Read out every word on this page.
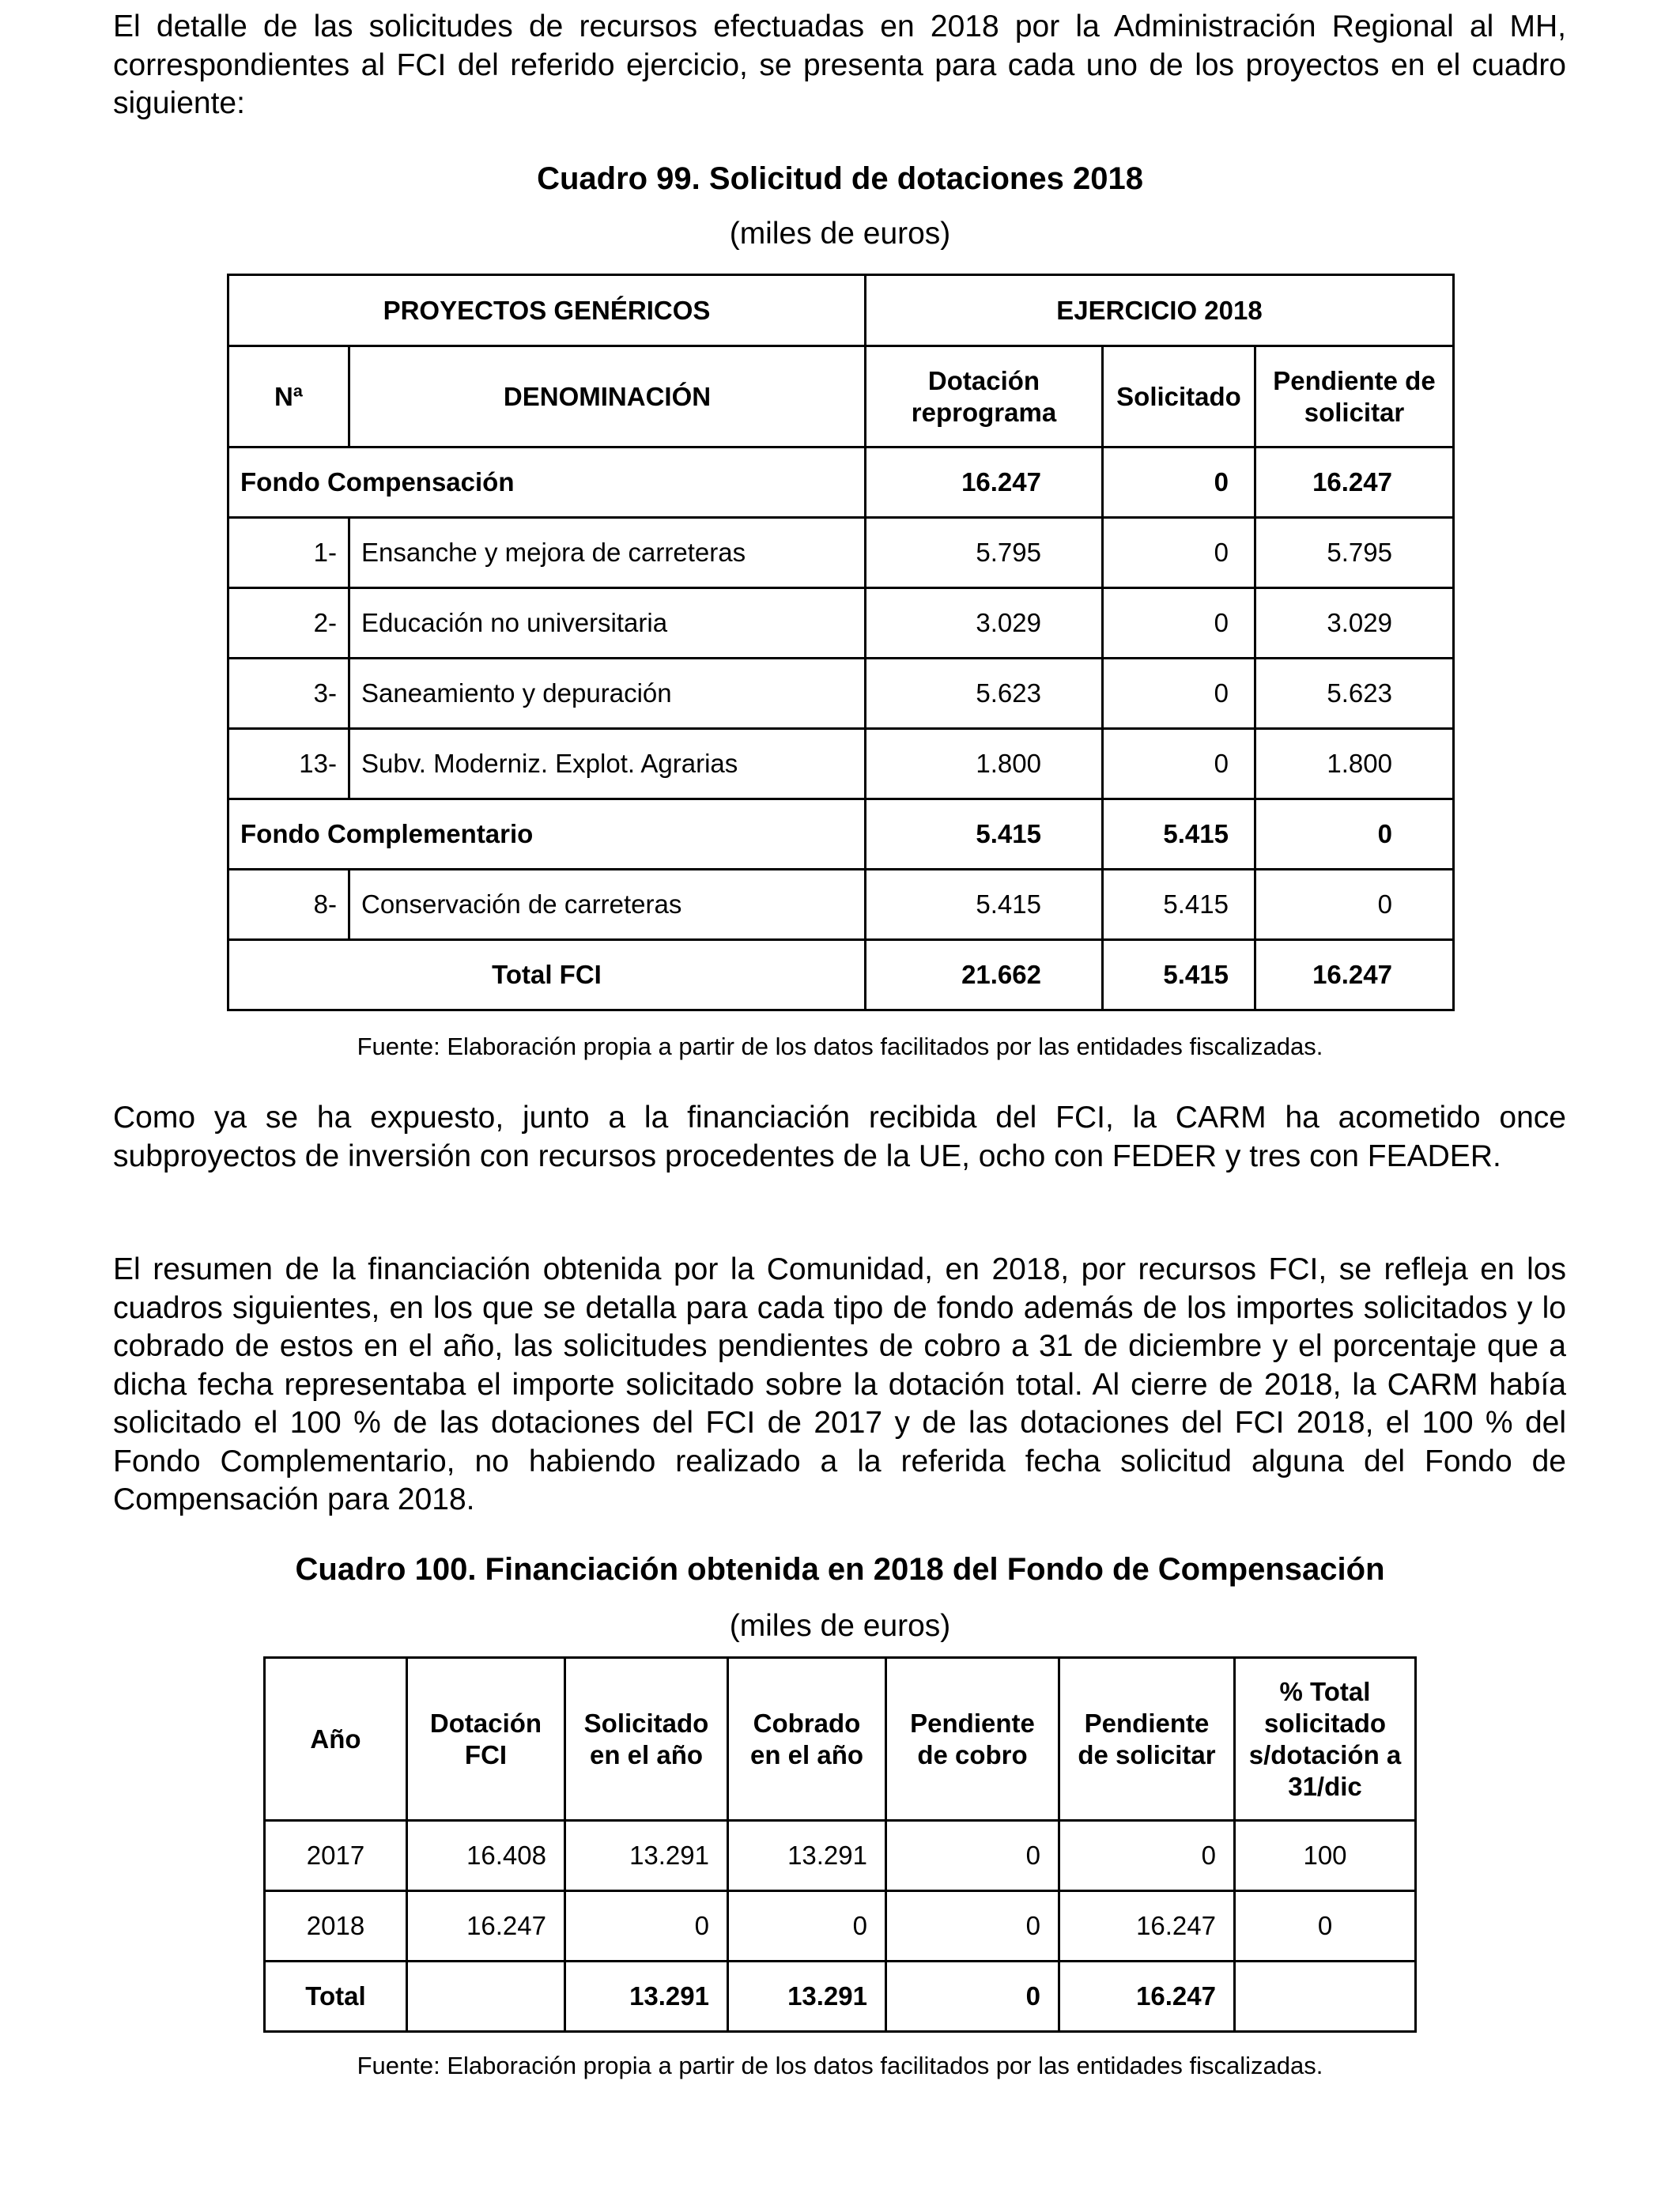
El detalle de las solicitudes de recursos efectuadas en 2018 por la Administración Regional al MH, correspondientes al FCI del referido ejercicio, se presenta para cada uno de los proyectos en el cuadro siguiente:

Cuadro 99. Solicitud de dotaciones 2018

(miles de euros)

PROYECTOS GENÉRICOS		EJERCICIO 2018		
Nª	DENOMINACIÓN	Dotación reprograma	Solicitado	Pendiente de solicitar
Fondo Compensación		16.247	0	16.247
1-	Ensanche y mejora de carreteras	5.795	0	5.795
2-	Educación no universitaria	3.029	0	3.029
3-	Saneamiento y depuración	5.623	0	5.623
13-	Subv. Moderniz. Explot. Agrarias	1.800	0	1.800
Fondo Complementario		5.415	5.415	0
8-	Conservación de carreteras	5.415	5.415	0
Total FCI		21.662	5.415	16.247

Fuente: Elaboración propia a partir de los datos facilitados por las entidades fiscalizadas.

Como ya se ha expuesto, junto a la financiación recibida del FCI, la CARM ha acometido once subproyectos de inversión con recursos procedentes de la UE, ocho con FEDER y tres con FEADER.

El resumen de la financiación obtenida por la Comunidad, en 2018, por recursos FCI, se refleja en los cuadros siguientes, en los que se detalla para cada tipo de fondo además de los importes solicitados y lo cobrado de estos en el año, las solicitudes pendientes de cobro a 31 de diciembre y el porcentaje que a dicha fecha representaba el importe solicitado sobre la dotación total. Al cierre de 2018, la CARM había solicitado el 100 % de las dotaciones del FCI de 2017 y de las dotaciones del FCI 2018, el 100 % del Fondo Complementario, no habiendo realizado a la referida fecha solicitud alguna del Fondo de Compensación para 2018.

Cuadro 100. Financiación obtenida en 2018 del Fondo de Compensación

(miles de euros)

Año	Dotación FCI	Solicitado en el año	Cobrado en el año	Pendiente de cobro	Pendiente de solicitar	% Total solicitado s/dotación a 31/dic
2017	16.408	13.291	13.291	0	0	100
2018	16.247	0	0	0	16.247	0
Total		13.291	13.291	0	16.247	

Fuente: Elaboración propia a partir de los datos facilitados por las entidades fiscalizadas.
